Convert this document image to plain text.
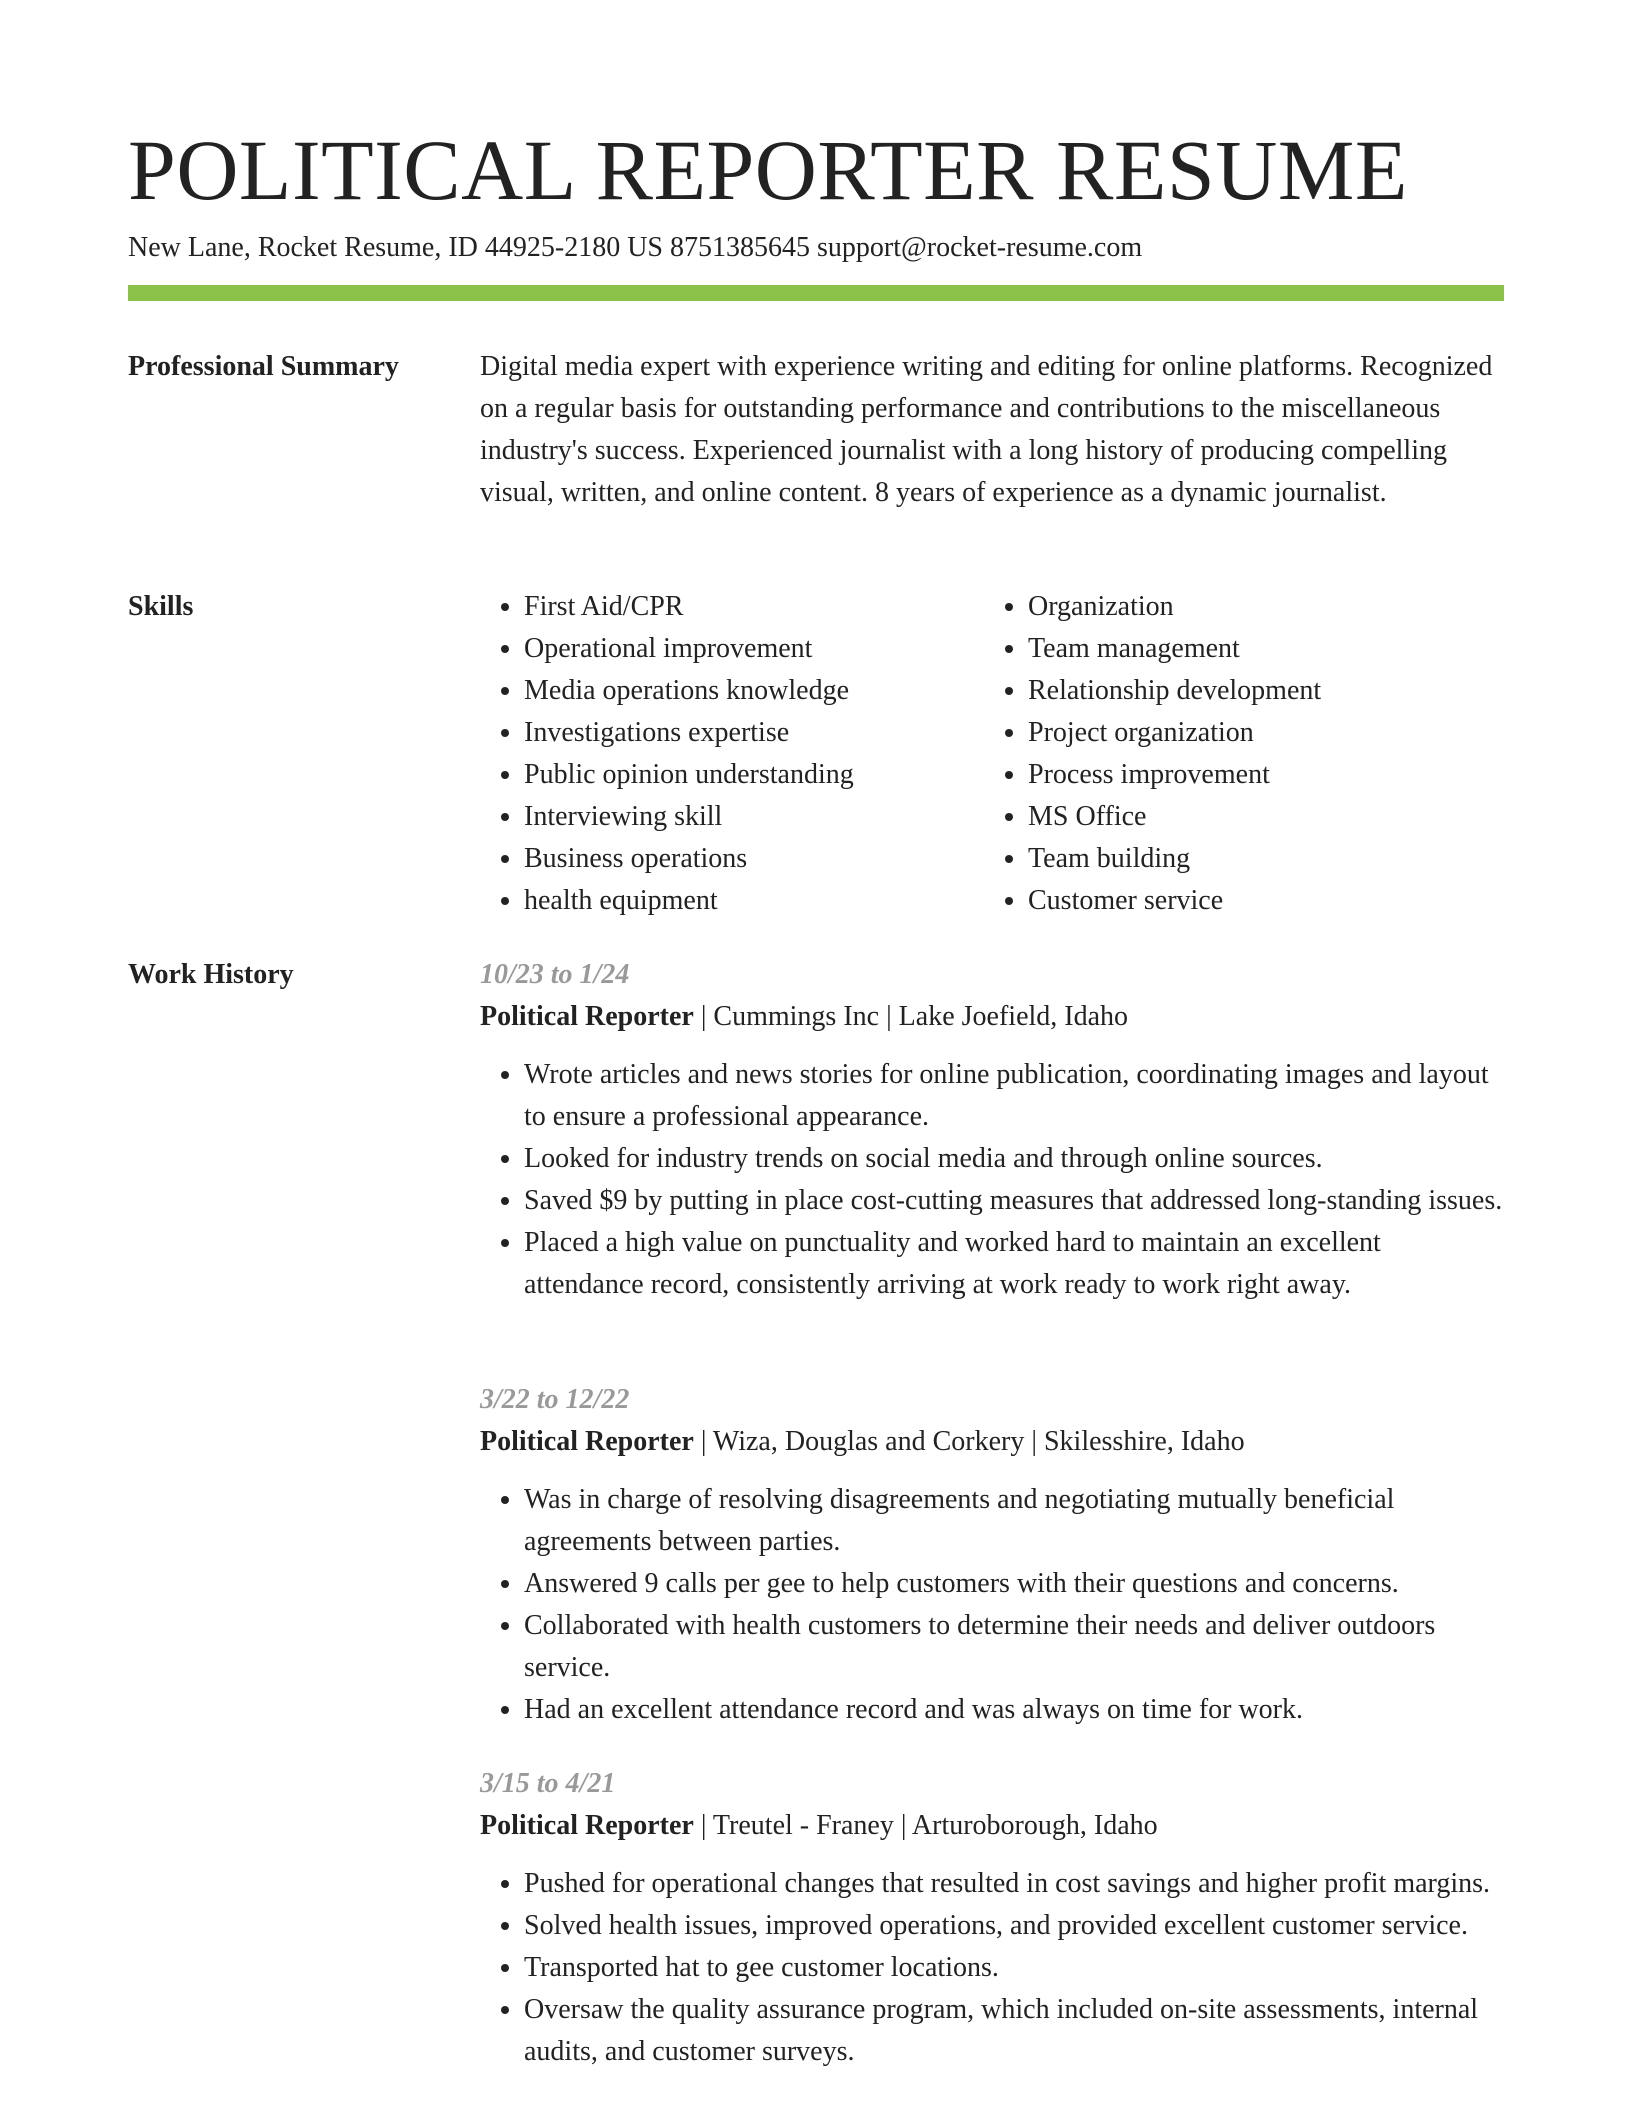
POLITICAL REPORTER RESUME
New Lane, Rocket Resume, ID 44925-2180 US 8751385645 support@rocket-resume.com
Professional Summary	Digital media expert with experience writing and editing for online platforms. Recognized on a regular basis for outstanding performance and contributions to the miscellaneous industry's success. Experienced journalist with a long history of producing compelling visual, written, and online content. 8 years of experience as a dynamic journalist.

Skills
•	First Aid/CPR
• Operational improvement
• Media operations knowledge
• Investigations expertise
• Public opinion understanding
• Interviewing skill
• Business operations
• health equipment
• Organization
• Team management
• Relationship development
• Project organization
• Process improvement
• MS Office
• Team building
• Customer service
Work History	10/23 to 1/24
Political Reporter | Cummings Inc | Lake Joefield, Idaho
• Wrote articles and news stories for online publication, coordinating images and layout to ensure a professional appearance.
• Looked for industry trends on social media and through online sources.
• Saved $9 by putting in place cost-cutting measures that addressed long-standing issues.
• Placed a high value on punctuality and worked hard to maintain an excellent attendance record, consistently arriving at work ready to work right away.
3/22 to 12/22
Political Reporter | Wiza, Douglas and Corkery | Skilesshire, Idaho
• Was in charge of resolving disagreements and negotiating mutually beneficial agreements between parties.
• Answered 9 calls per gee to help customers with their questions and concerns.
• Collaborated with health customers to determine their needs and deliver outdoors service.
• Had an excellent attendance record and was always on time for work.
3/15 to 4/21
Political Reporter | Treutel - Franey | Arturoborough, Idaho
• Pushed for operational changes that resulted in cost savings and higher profit margins.
• Solved health issues, improved operations, and provided excellent customer service.
• Transported hat to gee customer locations.
• Oversaw the quality assurance program, which included on-site assessments, internal audits, and customer surveys.
